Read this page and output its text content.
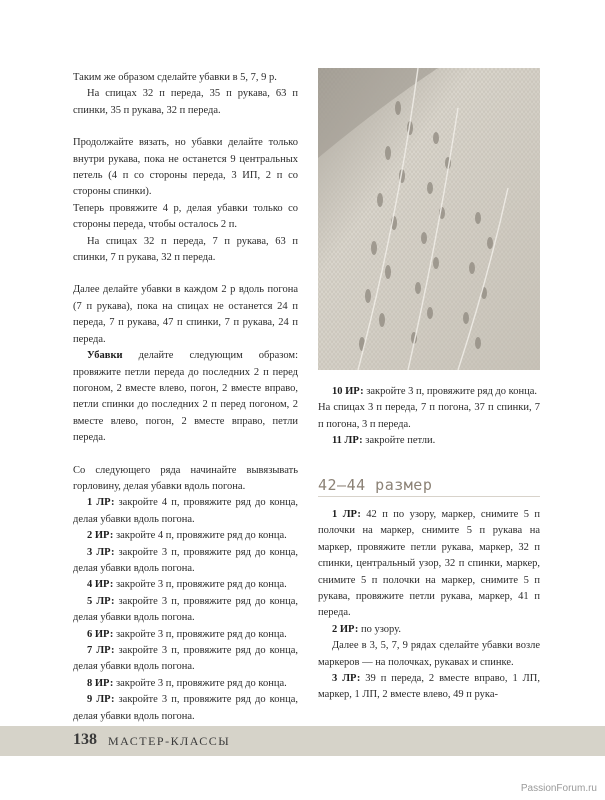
Таким же образом сделайте убавки в 5, 7, 9 р.

На спицах 32 п переда, 35 п рукава, 63 п спинки, 35 п рукава, 32 п переда.

Продолжайте вязать, но убавки делайте только внутри рукава, пока не останется 9 центральных петель (4 п со стороны переда, 3 ИП, 2 п со стороны спинки).

Теперь провяжите 4 р, делая убавки только со стороны переда, чтобы осталось 2 п.

На спицах 32 п переда, 7 п рукава, 63 п спинки, 7 п рукава, 32 п переда.

Далее делайте убавки в каждом 2 р вдоль погона (7 п рукава), пока на спицах не останется 24 п переда, 7 п рукава, 47 п спинки, 7 п рукава, 24 п переда.

Убавки делайте следующим образом: провяжите петли переда до последних 2 п перед погоном, 2 вместе влево, погон, 2 вместе вправо, петли спинки до последних 2 п перед погоном, 2 вместе влево, погон, 2 вместе вправо, петли переда.

Со следующего ряда начинайте вывязывать горловину, делая убавки вдоль погона.

1 ЛР: закройте 4 п, провяжите ряд до конца, делая убавки вдоль погона.

2 ИР: закройте 4 п, провяжите ряд до конца.

3 ЛР: закройте 3 п, провяжите ряд до конца, делая убавки вдоль погона.

4 ИР: закройте 3 п, провяжите ряд до конца.

5 ЛР: закройте 3 п, провяжите ряд до конца, делая убавки вдоль погона.

6 ИР: закройте 3 п, провяжите ряд до конца.

7 ЛР: закройте 3 п, провяжите ряд до конца, делая убавки вдоль погона.

8 ИР: закройте 3 п, провяжите ряд до конца.

9 ЛР: закройте 3 п, провяжите ряд до конца, делая убавки вдоль погона.

10 ИР: закройте 3 п, провяжите ряд до конца.

На спицах 3 п переда, 7 п погона, 37 п спинки, 7 п погона, 3 п переда.

11 ЛР: закройте петли.

42–44 размер

1 ЛР: 42 п по узору, маркер, снимите 5 п полочки на маркер, снимите 5 п рукава на маркер, провяжите петли рукава, маркер, 32 п спинки, центральный узор, 32 п спинки, маркер, снимите 5 п полочки на маркер, снимите 5 п рукава, провяжите петли рукава, маркер, 41 п переда.

2 ИР: по узору.

Далее в 3, 5, 7, 9 рядах сделайте убавки возле маркеров — на полочках, рукавах и спинке.

3 ЛР: 39 п переда, 2 вместе вправо, 1 ЛП, маркер, 1 ЛП, 2 вместе влево, 49 п рука-

138 МАСТЕР-КЛАССЫ
PassionForum.ru
